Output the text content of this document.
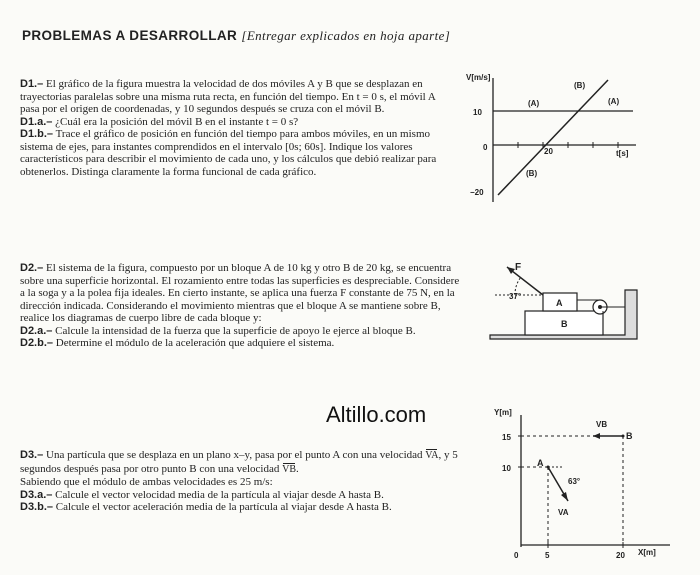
PROBLEMAS A DESARROLLAR [Entregar explicados en hoja aparte]

D1.– El gráfico de la figura muestra la velocidad de dos móviles A y B que se desplazan en trayectorias paralelas sobre una misma ruta recta, en función del tiempo. En t = 0 s, el móvil A pasa por el origen de coordenadas, y 10 segundos después se cruza con el móvil B.

D1.a.– ¿Cuál era la posición del móvil B en el instante t = 0 s?

D1.b.– Trace el gráfico de posición en función del tiempo para ambos móviles, en un mismo sistema de ejes, para instantes comprendidos en el intervalo [0s; 60s]. Indique los valores característicos para describir el movimiento de cada uno, y los cálculos que debió realizar para obtenerlos. Distinga claramente la forma funcional de cada gráfico.

V[m/s]
10
0
−20
20	t[s]
(A)	(A)
(B)
(B)

D2.– El sistema de la figura, compuesto por un bloque A de 10 kg y otro B de 20 kg, se encuentra sobre una superficie horizontal. El rozamiento entre todas las superficies es despreciable. Considere a la soga y a la polea fija ideales. En cierto instante, se aplica una fuerza F constante de 75 N, en la dirección indicada. Considerando el movimiento mientras que el bloque A se mantiene sobre B, realice los diagramas de cuerpo libre de cada bloque y:

D2.a.– Calcule la intensidad de la fuerza que la superficie de apoyo le ejerce al bloque B.

D2.b.– Determine el módulo de la aceleración que adquiere el sistema.

F
37°
A
B
Altillo.com

D3.– Una partícula que se desplaza en un plano x–y, pasa por el punto A con una velocidad VA, y 5 segundos después pasa por otro punto B con una velocidad VB.

Sabiendo que el módulo de ambas velocidades es 25 m/s:

D3.a.– Calcule el vector velocidad media de la partícula al viajar desde A hasta B.

D3.b.– Calcule el vector aceleración media de la partícula al viajar desde A hasta B.

Y[m]
15
10
0	5	20 X[m]
A
B
63°
VA
VB
